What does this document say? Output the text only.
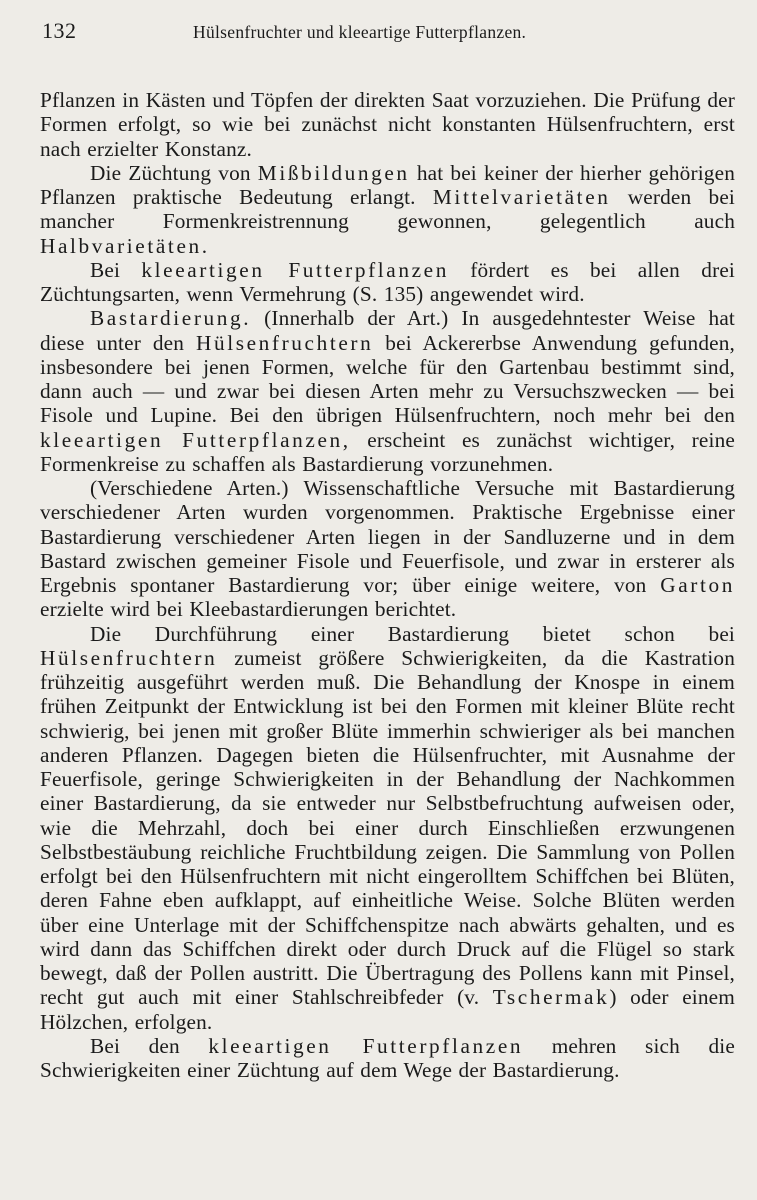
132	Hülsenfruchter und kleeartige Futterpflanzen.

Pflanzen in Kästen und Töpfen der direkten Saat vorzuziehen. Die Prüfung der Formen erfolgt, so wie bei zunächst nicht konstanten Hülsenfruchtern, erst nach erzielter Konstanz.

Die Züchtung von Mißbildungen hat bei keiner der hierher gehörigen Pflanzen praktische Bedeutung erlangt. Mittelvarietäten werden bei mancher Formenkreistrennung gewonnen, gelegentlich auch Halbvarietäten.

Bei kleeartigen Futterpflanzen fördert es bei allen drei Züchtungsarten, wenn Vermehrung (S. 135) angewendet wird.

Bastardierung. (Innerhalb der Art.) In ausgedehntester Weise hat diese unter den Hülsenfruchtern bei Ackererbse Anwendung gefunden, insbesondere bei jenen Formen, welche für den Gartenbau bestimmt sind, dann auch — und zwar bei diesen Arten mehr zu Versuchszwecken — bei Fisole und Lupine. Bei den übrigen Hülsenfruchtern, noch mehr bei den kleeartigen Futterpflanzen, erscheint es zunächst wichtiger, reine Formenkreise zu schaffen als Bastardierung vorzunehmen.

(Verschiedene Arten.) Wissenschaftliche Versuche mit Bastardierung verschiedener Arten wurden vorgenommen. Praktische Ergebnisse einer Bastardierung verschiedener Arten liegen in der Sandluzerne und in dem Bastard zwischen gemeiner Fisole und Feuerfisole, und zwar in ersterer als Ergebnis spontaner Bastardierung vor; über einige weitere, von Garton erzielte wird bei Kleebastardierungen berichtet.

Die Durchführung einer Bastardierung bietet schon bei Hülsenfruchtern zumeist größere Schwierigkeiten, da die Kastration frühzeitig ausgeführt werden muß. Die Behandlung der Knospe in einem frühen Zeitpunkt der Entwicklung ist bei den Formen mit kleiner Blüte recht schwierig, bei jenen mit großer Blüte immerhin schwieriger als bei manchen anderen Pflanzen. Dagegen bieten die Hülsenfruchter, mit Ausnahme der Feuerfisole, geringe Schwierigkeiten in der Behandlung der Nachkommen einer Bastardierung, da sie entweder nur Selbstbefruchtung aufweisen oder, wie die Mehrzahl, doch bei einer durch Einschließen erzwungenen Selbstbestäubung reichliche Fruchtbildung zeigen. Die Sammlung von Pollen erfolgt bei den Hülsenfruchtern mit nicht eingerolltem Schiffchen bei Blüten, deren Fahne eben aufklappt, auf einheitliche Weise. Solche Blüten werden über eine Unterlage mit der Schiffchenspitze nach abwärts gehalten, und es wird dann das Schiffchen direkt oder durch Druck auf die Flügel so stark bewegt, daß der Pollen austritt. Die Übertragung des Pollens kann mit Pinsel, recht gut auch mit einer Stahlschreibfeder (v. Tschermak) oder einem Hölzchen, erfolgen.

Bei den kleeartigen Futterpflanzen mehren sich die Schwierigkeiten einer Züchtung auf dem Wege der Bastardierung.
